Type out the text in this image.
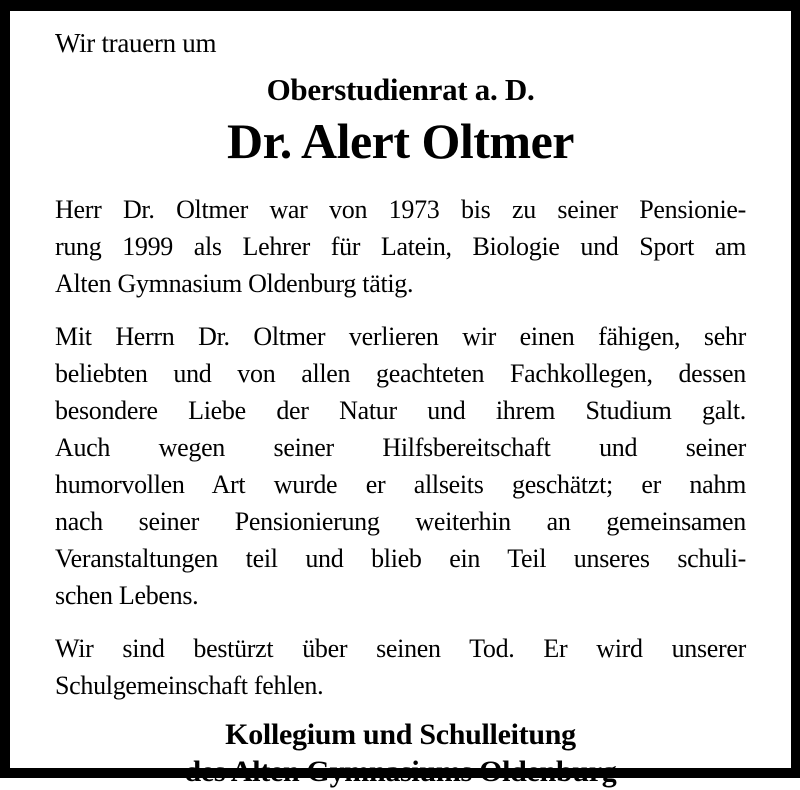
Wir trauern um
Oberstudienrat a. D.
Dr. Alert Oltmer
Herr Dr. Oltmer war von 1973 bis zu seiner Pensionie-
rung 1999 als Lehrer für Latein, Biologie und Sport am
Alten Gymnasium Oldenburg tätig.
Mit Herrn Dr. Oltmer verlieren wir einen fähigen, sehr
beliebten und von allen geachteten Fachkollegen, dessen
besondere Liebe der Natur und ihrem Studium galt.
Auch wegen seiner Hilfsbereitschaft und seiner
humorvollen Art wurde er allseits geschätzt; er nahm
nach seiner Pensionierung weiterhin an gemeinsamen
Veranstaltungen teil und blieb ein Teil unseres schuli-
schen Lebens.
Wir sind bestürzt über seinen Tod. Er wird unserer
Schulgemeinschaft fehlen.
Kollegium und Schulleitung
des Alten Gymnasiums Oldenburg
